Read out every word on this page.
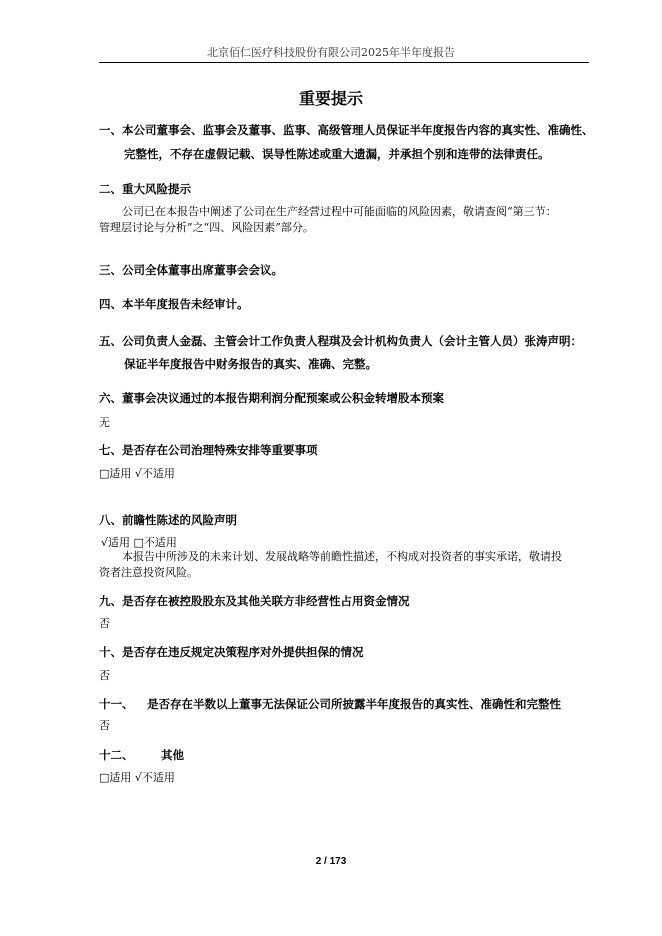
北京佰仁医疗科技股份有限公司2025年半年度报告
重要提示
一、本公司董事会、监事会及董事、监事、高级管理人员保证半年度报告内容的真实性、准确性、
完整性，不存在虚假记载、误导性陈述或重大遗漏，并承担个别和连带的法律责任。
二、重大风险提示
公司已在本报告中阐述了公司在生产经营过程中可能面临的风险因素，敬请查阅“第三节：
管理层讨论与分析”之“四、风险因素”部分。
三、公司全体董事出席董事会会议。
四、本半年度报告未经审计。
五、公司负责人金磊、主管会计工作负责人程琪及会计机构负责人（会计主管人员）张涛声明：
保证半年度报告中财务报告的真实、准确、完整。
六、董事会决议通过的本报告期利润分配预案或公积金转增股本预案
无
七、是否存在公司治理特殊安排等重要事项
□适用 √不适用
八、前瞻性陈述的风险声明
√适用 □不适用
本报告中所涉及的未来计划、发展战略等前瞻性描述，不构成对投资者的事实承诺，敬请投
资者注意投资风险。
九、是否存在被控股股东及其他关联方非经营性占用资金情况
否
十、是否存在违反规定决策程序对外提供担保的情况
否
十一、 是否存在半数以上董事无法保证公司所披露半年度报告的真实性、准确性和完整性
否
十二、 其他
□适用 √不适用
2 / 173
